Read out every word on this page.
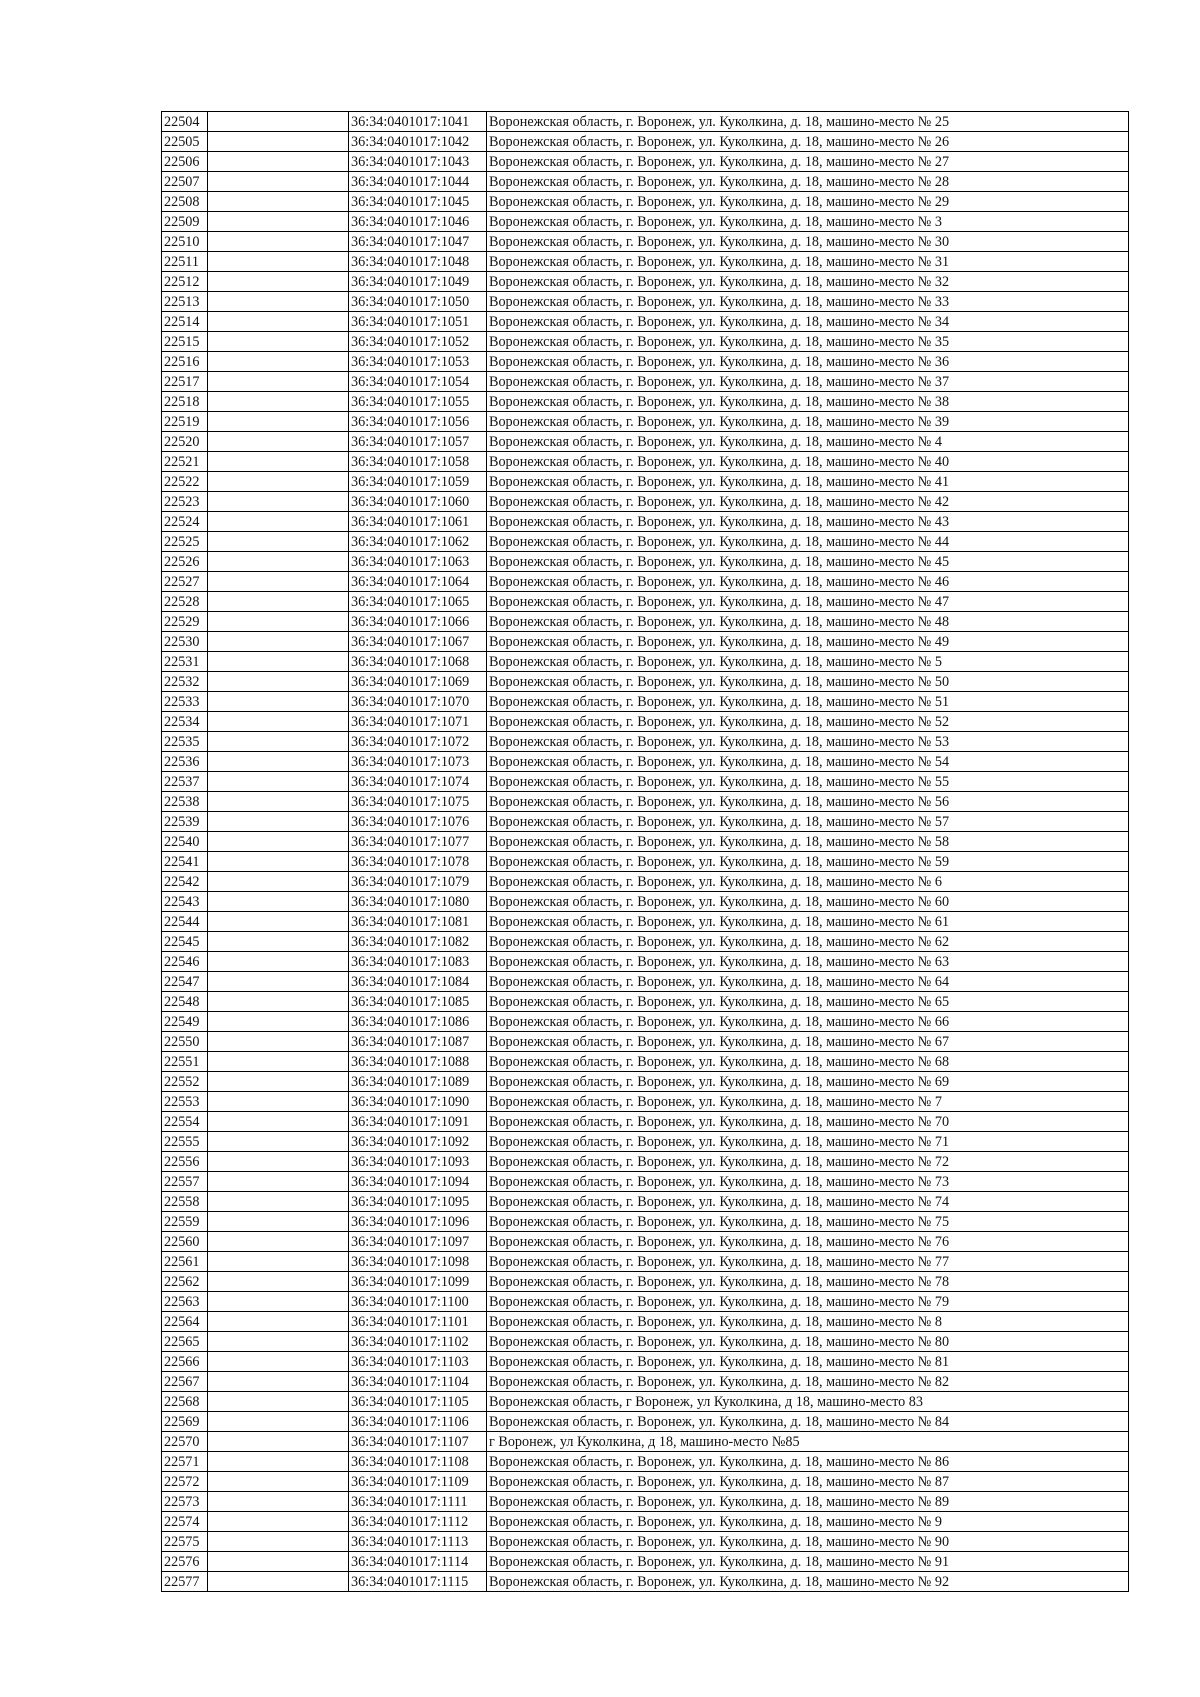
22504		36:34:0401017:1041	Воронежская область, г. Воронеж, ул. Куколкина, д. 18, машино-место № 25
22505		36:34:0401017:1042	Воронежская область, г. Воронеж, ул. Куколкина, д. 18, машино-место № 26
22506		36:34:0401017:1043	Воронежская область, г. Воронеж, ул. Куколкина, д. 18, машино-место № 27
22507		36:34:0401017:1044	Воронежская область, г. Воронеж, ул. Куколкина, д. 18, машино-место № 28
22508		36:34:0401017:1045	Воронежская область, г. Воронеж, ул. Куколкина, д. 18, машино-место № 29
22509		36:34:0401017:1046	Воронежская область, г. Воронеж, ул. Куколкина, д. 18, машино-место № 3
22510		36:34:0401017:1047	Воронежская область, г. Воронеж, ул. Куколкина, д. 18, машино-место № 30
22511		36:34:0401017:1048	Воронежская область, г. Воронеж, ул. Куколкина, д. 18, машино-место № 31
22512		36:34:0401017:1049	Воронежская область, г. Воронеж, ул. Куколкина, д. 18, машино-место № 32
22513		36:34:0401017:1050	Воронежская область, г. Воронеж, ул. Куколкина, д. 18, машино-место № 33
22514		36:34:0401017:1051	Воронежская область, г. Воронеж, ул. Куколкина, д. 18, машино-место № 34
22515		36:34:0401017:1052	Воронежская область, г. Воронеж, ул. Куколкина, д. 18, машино-место № 35
22516		36:34:0401017:1053	Воронежская область, г. Воронеж, ул. Куколкина, д. 18, машино-место № 36
22517		36:34:0401017:1054	Воронежская область, г. Воронеж, ул. Куколкина, д. 18, машино-место № 37
22518		36:34:0401017:1055	Воронежская область, г. Воронеж, ул. Куколкина, д. 18, машино-место № 38
22519		36:34:0401017:1056	Воронежская область, г. Воронеж, ул. Куколкина, д. 18, машино-место № 39
22520		36:34:0401017:1057	Воронежская область, г. Воронеж, ул. Куколкина, д. 18, машино-место № 4
22521		36:34:0401017:1058	Воронежская область, г. Воронеж, ул. Куколкина, д. 18, машино-место № 40
22522		36:34:0401017:1059	Воронежская область, г. Воронеж, ул. Куколкина, д. 18, машино-место № 41
22523		36:34:0401017:1060	Воронежская область, г. Воронеж, ул. Куколкина, д. 18, машино-место № 42
22524		36:34:0401017:1061	Воронежская область, г. Воронеж, ул. Куколкина, д. 18, машино-место № 43
22525		36:34:0401017:1062	Воронежская область, г. Воронеж, ул. Куколкина, д. 18, машино-место № 44
22526		36:34:0401017:1063	Воронежская область, г. Воронеж, ул. Куколкина, д. 18, машино-место № 45
22527		36:34:0401017:1064	Воронежская область, г. Воронеж, ул. Куколкина, д. 18, машино-место № 46
22528		36:34:0401017:1065	Воронежская область, г. Воронеж, ул. Куколкина, д. 18, машино-место № 47
22529		36:34:0401017:1066	Воронежская область, г. Воронеж, ул. Куколкина, д. 18, машино-место № 48
22530		36:34:0401017:1067	Воронежская область, г. Воронеж, ул. Куколкина, д. 18, машино-место № 49
22531		36:34:0401017:1068	Воронежская область, г. Воронеж, ул. Куколкина, д. 18, машино-место № 5
22532		36:34:0401017:1069	Воронежская область, г. Воронеж, ул. Куколкина, д. 18, машино-место № 50
22533		36:34:0401017:1070	Воронежская область, г. Воронеж, ул. Куколкина, д. 18, машино-место № 51
22534		36:34:0401017:1071	Воронежская область, г. Воронеж, ул. Куколкина, д. 18, машино-место № 52
22535		36:34:0401017:1072	Воронежская область, г. Воронеж, ул. Куколкина, д. 18, машино-место № 53
22536		36:34:0401017:1073	Воронежская область, г. Воронеж, ул. Куколкина, д. 18, машино-место № 54
22537		36:34:0401017:1074	Воронежская область, г. Воронеж, ул. Куколкина, д. 18, машино-место № 55
22538		36:34:0401017:1075	Воронежская область, г. Воронеж, ул. Куколкина, д. 18, машино-место № 56
22539		36:34:0401017:1076	Воронежская область, г. Воронеж, ул. Куколкина, д. 18, машино-место № 57
22540		36:34:0401017:1077	Воронежская область, г. Воронеж, ул. Куколкина, д. 18, машино-место № 58
22541		36:34:0401017:1078	Воронежская область, г. Воронеж, ул. Куколкина, д. 18, машино-место № 59
22542		36:34:0401017:1079	Воронежская область, г. Воронеж, ул. Куколкина, д. 18, машино-место № 6
22543		36:34:0401017:1080	Воронежская область, г. Воронеж, ул. Куколкина, д. 18, машино-место № 60
22544		36:34:0401017:1081	Воронежская область, г. Воронеж, ул. Куколкина, д. 18, машино-место № 61
22545		36:34:0401017:1082	Воронежская область, г. Воронеж, ул. Куколкина, д. 18, машино-место № 62
22546		36:34:0401017:1083	Воронежская область, г. Воронеж, ул. Куколкина, д. 18, машино-место № 63
22547		36:34:0401017:1084	Воронежская область, г. Воронеж, ул. Куколкина, д. 18, машино-место № 64
22548		36:34:0401017:1085	Воронежская область, г. Воронеж, ул. Куколкина, д. 18, машино-место № 65
22549		36:34:0401017:1086	Воронежская область, г. Воронеж, ул. Куколкина, д. 18, машино-место № 66
22550		36:34:0401017:1087	Воронежская область, г. Воронеж, ул. Куколкина, д. 18, машино-место № 67
22551		36:34:0401017:1088	Воронежская область, г. Воронеж, ул. Куколкина, д. 18, машино-место № 68
22552		36:34:0401017:1089	Воронежская область, г. Воронеж, ул. Куколкина, д. 18, машино-место № 69
22553		36:34:0401017:1090	Воронежская область, г. Воронеж, ул. Куколкина, д. 18, машино-место № 7
22554		36:34:0401017:1091	Воронежская область, г. Воронеж, ул. Куколкина, д. 18, машино-место № 70
22555		36:34:0401017:1092	Воронежская область, г. Воронеж, ул. Куколкина, д. 18, машино-место № 71
22556		36:34:0401017:1093	Воронежская область, г. Воронеж, ул. Куколкина, д. 18, машино-место № 72
22557		36:34:0401017:1094	Воронежская область, г. Воронеж, ул. Куколкина, д. 18, машино-место № 73
22558		36:34:0401017:1095	Воронежская область, г. Воронеж, ул. Куколкина, д. 18, машино-место № 74
22559		36:34:0401017:1096	Воронежская область, г. Воронеж, ул. Куколкина, д. 18, машино-место № 75
22560		36:34:0401017:1097	Воронежская область, г. Воронеж, ул. Куколкина, д. 18, машино-место № 76
22561		36:34:0401017:1098	Воронежская область, г. Воронеж, ул. Куколкина, д. 18, машино-место № 77
22562		36:34:0401017:1099	Воронежская область, г. Воронеж, ул. Куколкина, д. 18, машино-место № 78
22563		36:34:0401017:1100	Воронежская область, г. Воронеж, ул. Куколкина, д. 18, машино-место № 79
22564		36:34:0401017:1101	Воронежская область, г. Воронеж, ул. Куколкина, д. 18, машино-место № 8
22565		36:34:0401017:1102	Воронежская область, г. Воронеж, ул. Куколкина, д. 18, машино-место № 80
22566		36:34:0401017:1103	Воронежская область, г. Воронеж, ул. Куколкина, д. 18, машино-место № 81
22567		36:34:0401017:1104	Воронежская область, г. Воронеж, ул. Куколкина, д. 18, машино-место № 82
22568		36:34:0401017:1105	Воронежская область, г Воронеж, ул Куколкина, д 18, машино-место 83
22569		36:34:0401017:1106	Воронежская область, г. Воронеж, ул. Куколкина, д. 18, машино-место № 84
22570		36:34:0401017:1107	г Воронеж, ул Куколкина, д 18, машино-место №85
22571		36:34:0401017:1108	Воронежская область, г. Воронеж, ул. Куколкина, д. 18, машино-место № 86
22572		36:34:0401017:1109	Воронежская область, г. Воронеж, ул. Куколкина, д. 18, машино-место № 87
22573		36:34:0401017:1111	Воронежская область, г. Воронеж, ул. Куколкина, д. 18, машино-место № 89
22574		36:34:0401017:1112	Воронежская область, г. Воронеж, ул. Куколкина, д. 18, машино-место № 9
22575		36:34:0401017:1113	Воронежская область, г. Воронеж, ул. Куколкина, д. 18, машино-место № 90
22576		36:34:0401017:1114	Воронежская область, г. Воронеж, ул. Куколкина, д. 18, машино-место № 91
22577		36:34:0401017:1115	Воронежская область, г. Воронеж, ул. Куколкина, д. 18, машино-место № 92
